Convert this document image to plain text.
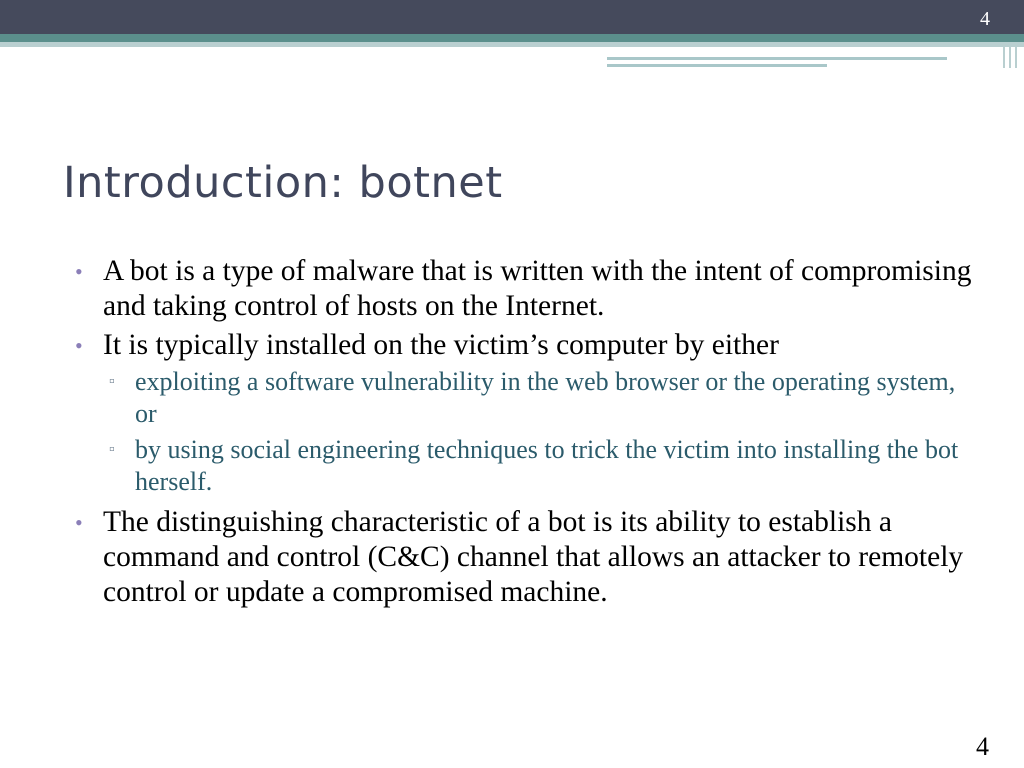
4
Introduction: botnet
• A bot is a type of malware that is written with the intent of compromising and taking control of hosts on the Internet.
• It is typically installed on the victim’s computer by either
▫ exploiting a software vulnerability in the web browser or the operating system, or
▫ by using social engineering techniques to trick the victim into installing the bot herself.
• The distinguishing characteristic of a bot is its ability to establish a command and control (C&C) channel that allows an attacker to remotely control or update a compromised machine.
4
